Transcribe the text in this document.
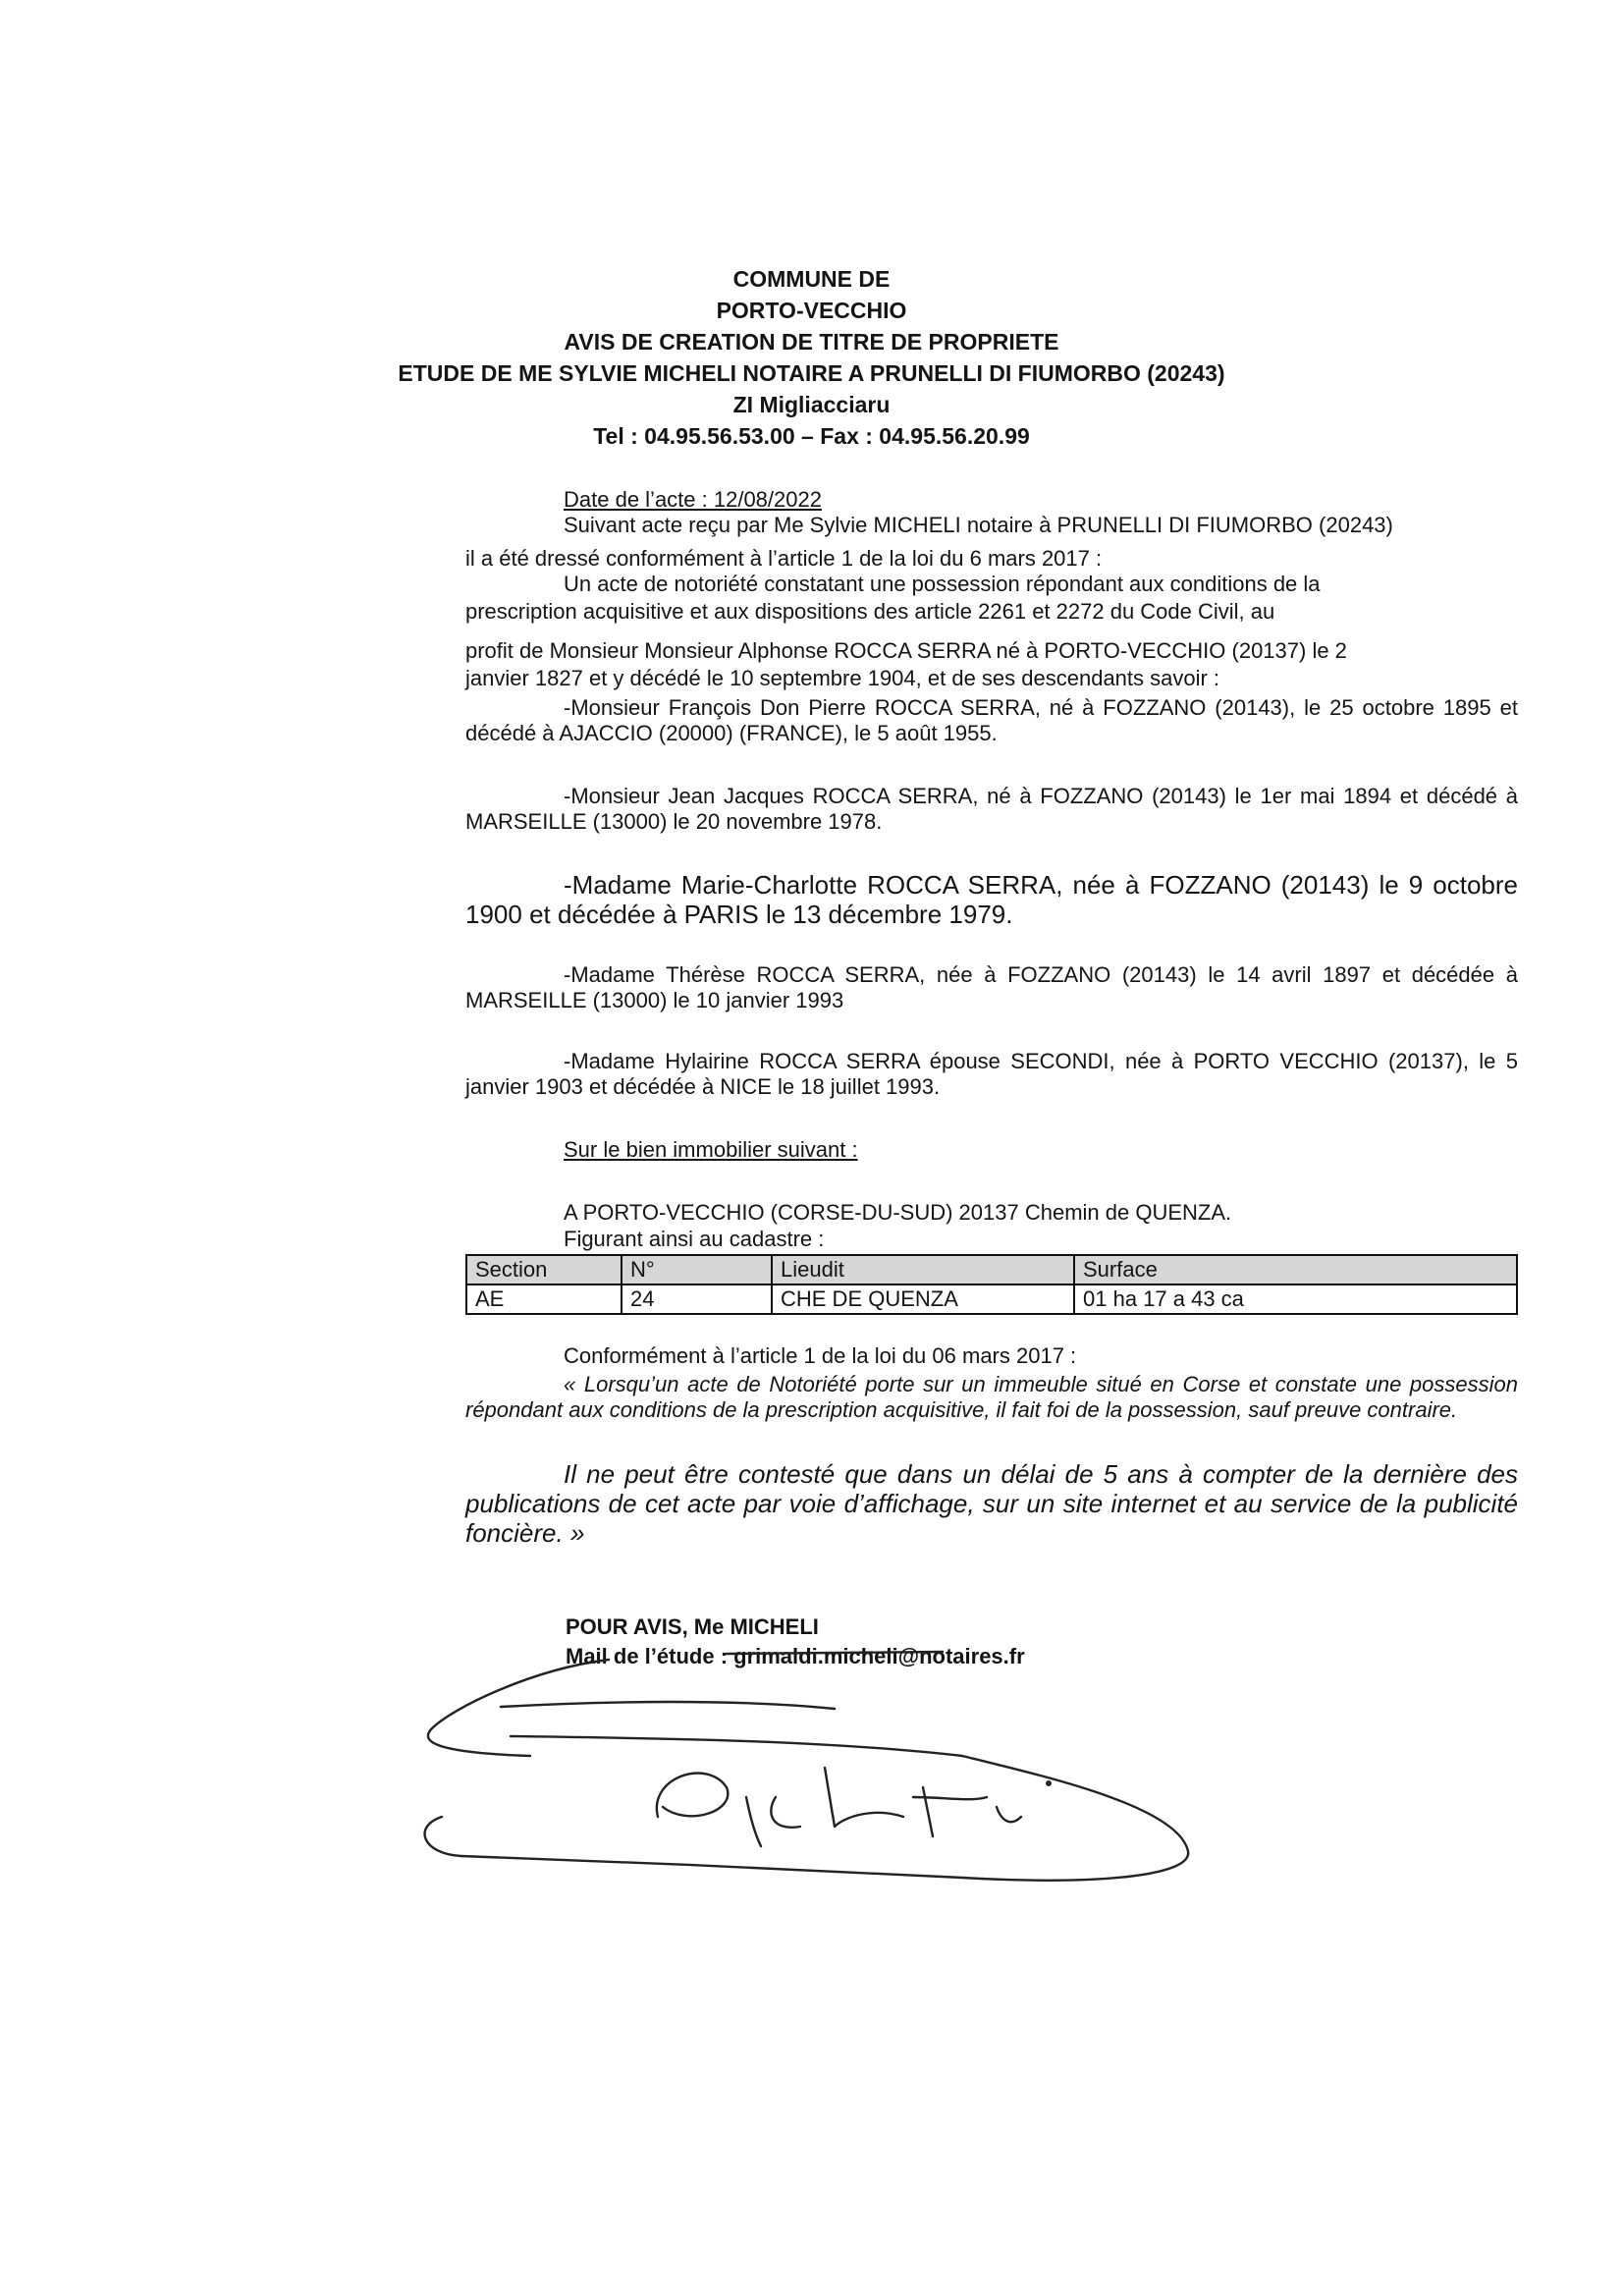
COMMUNE DE
PORTO-VECCHIO
AVIS DE CREATION DE TITRE DE PROPRIETE
ETUDE DE ME SYLVIE MICHELI NOTAIRE A PRUNELLI DI FIUMORBO (20243)
ZI Migliacciaru
Tel : 04.95.56.53.00 – Fax : 04.95.56.20.99
Date de l’acte : 12/08/2022
Suivant acte reçu par Me Sylvie MICHELI notaire à PRUNELLI DI FIUMORBO (20243)
il a été dressé conformément à l’article 1 de la loi du 6 mars 2017 :
Un acte de notoriété constatant une possession répondant aux conditions de la
prescription acquisitive et aux dispositions des article 2261 et 2272 du Code Civil, au
profit de Monsieur Monsieur Alphonse ROCCA SERRA né à PORTO-VECCHIO (20137) le 2
janvier 1827 et y décédé le 10 septembre 1904, et de ses descendants savoir :
-Monsieur François Don Pierre ROCCA SERRA, né à FOZZANO (20143), le 25 octobre 1895 et décédé à AJACCIO (20000) (FRANCE), le 5 août 1955.
-Monsieur Jean Jacques ROCCA SERRA, né à FOZZANO (20143) le 1er mai 1894 et décédé à MARSEILLE (13000) le 20 novembre 1978.
-Madame Marie-Charlotte ROCCA SERRA, née à FOZZANO (20143) le 9 octobre 1900 et décédée à PARIS le 13 décembre 1979.
-Madame Thérèse ROCCA SERRA, née à FOZZANO (20143) le 14 avril 1897 et décédée à MARSEILLE (13000) le 10 janvier 1993
-Madame Hylairine ROCCA SERRA épouse SECONDI, née à PORTO VECCHIO (20137), le 5 janvier 1903 et décédée à NICE le 18 juillet 1993.
Sur le bien immobilier suivant :
A PORTO-VECCHIO (CORSE-DU-SUD) 20137 Chemin de QUENZA.
Figurant ainsi au cadastre :
Section	N°	Lieudit	Surface
AE	24	CHE DE QUENZA	01 ha 17 a 43 ca
Conformément à l’article 1 de la loi du 06 mars 2017 :
« Lorsqu’un acte de Notoriété porte sur un immeuble situé en Corse et constate une possession répondant aux conditions de la prescription acquisitive, il fait foi de la possession, sauf preuve contraire.
Il ne peut être contesté que dans un délai de 5 ans à compter de la dernière des publications de cet acte par voie d’affichage, sur un site internet et au service de la publicité foncière. »
POUR AVIS, Me MICHELI
Mail de l’étude : grimaldi.micheli@notaires.fr
